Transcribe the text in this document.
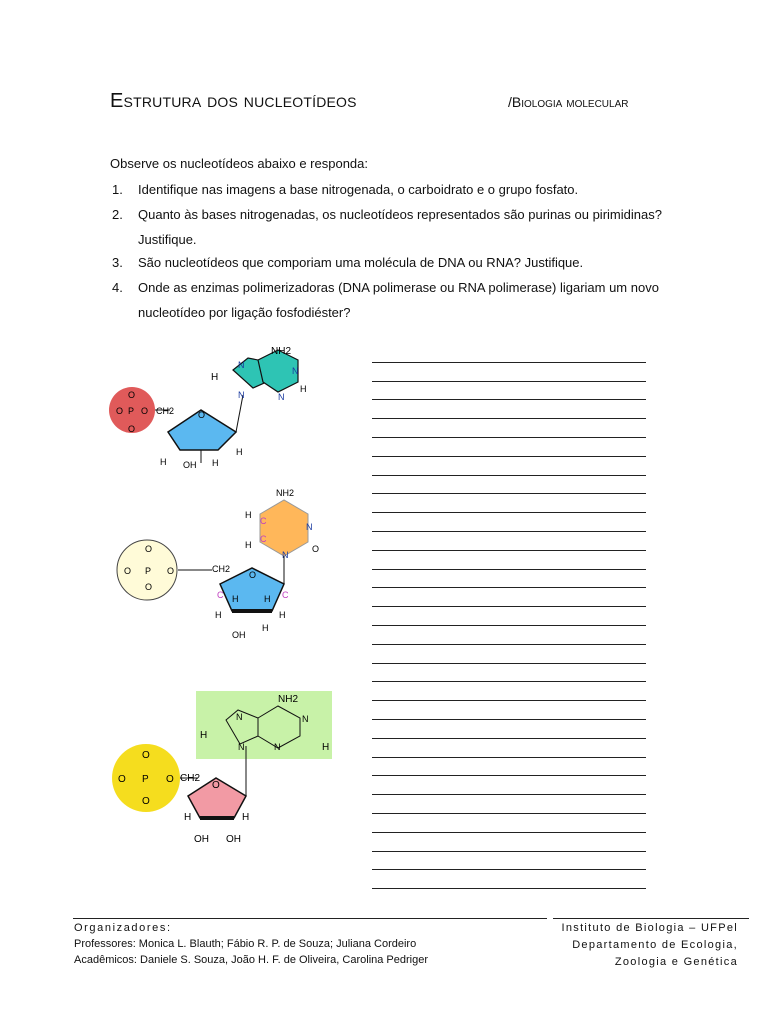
Estrutura dos nucleotídeos	/Biologia molecular
Observe os nucleotídeos abaixo e responda:
1. Identifique nas imagens a base nitrogenada, o carboidrato e o grupo fosfato.
2. Quanto às bases nitrogenadas, os nucleotídeos representados são purinas ou pirimidinas? Justifique.
3. São nucleotídeos que comporiam uma molécula de DNA ou RNA? Justifique.
4. Onde as enzimas polimerizadoras (DNA polimerase ou RNA polimerase) ligariam um novo nucleotídeo por ligação fosfodiéster?
O P O
O
O
CH2	O
H OH
H
H
NH2
H
N
N
N
N
H
O P O
O
O
CH2
O
C	C
H	H
H	H
OH
H
NH2
H
H
C
C
N
N
O
O P O
O
O
CH2
O
H	H
OH OH
NH2
H
N
N
N
N	H
Organizadores:
Professores: Monica L. Blauth; Fábio R. P. de Souza; Juliana Cordeiro
Acadêmicos: Daniele S. Souza, João H. F. de Oliveira, Carolina Pedriger
Instituto de Biologia – UFPel
Departamento de Ecologia,
Zoologia e Genética
